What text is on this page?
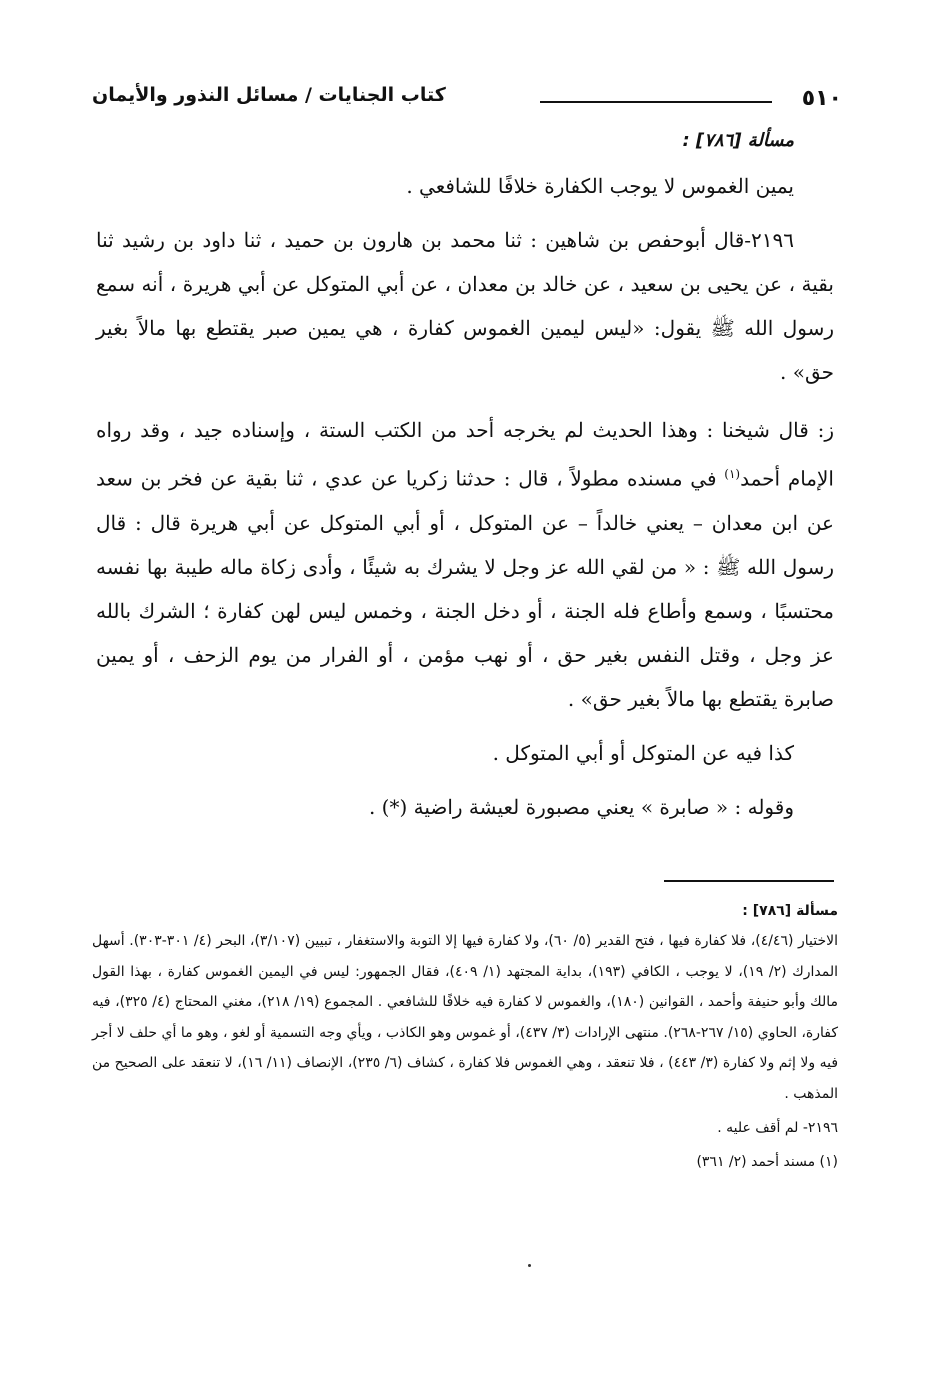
٥١٠
كتاب الجنايات / مسائل النذور والأيمان
مسألة [٧٨٦] :

يمين الغموس لا يوجب الكفارة خلافًا للشافعي .

٢١٩٦-قال أبوحفص بن شاهين : ثنا محمد بن هارون بن حميد ، ثنا داود بن رشيد ثنا بقية ، عن يحيى بن سعيد ، عن خالد بن معدان ، عن أبي المتوكل عن أبي هريرة ، أنه سمع رسول الله ﷺ يقول: «ليس ليمين الغموس كفارة ، هي يمين صبر يقتطع بها مالاً بغير حق» .

ز: قال شيخنا : وهذا الحديث لم يخرجه أحد من الكتب الستة ، وإسناده جيد ، وقد رواه الإمام أحمد$^{(١)}$ في مسنده مطولاً ، قال : حدثنا زكريا عن عدي ، ثنا بقية عن فخر بن سعد عن ابن معدان – يعني خالداً – عن المتوكل ، أو أبي المتوكل عن أبي هريرة قال : قال رسول الله ﷺ : « من لقي الله عز وجل لا يشرك به شيئًا ، وأدى زكاة ماله طيبة بها نفسه محتسبًا ، وسمع وأطاع فله الجنة ، أو دخل الجنة ، وخمس ليس لهن كفارة ؛ الشرك بالله عز وجل ، وقتل النفس بغير حق ، أو نهب مؤمن ، أو الفرار من يوم الزحف ، أو يمين صابرة يقتطع بها مالاً بغير حق» .

كذا فيه عن المتوكل أو أبي المتوكل .

وقوله : « صابرة » يعني مصبورة لعيشة راضية (*) .

مسألة [٧٨٦] :

الاختيار (٤/٤٦)، فلا كفارة فيها ، فتح القدير (٥/ ٦٠)، ولا كفارة فيها إلا التوبة والاستغفار ، تبيين (٣/١٠٧)، البحر (٤/ ٣٠١-٣٠٣). أسهل المدارك (٢/ ١٩)، لا يوجب ، الكافي (١٩٣)، بداية المجتهد (١/ ٤٠٩)، فقال الجمهور: ليس في اليمين الغموس كفارة ، بهذا القول مالك وأبو حنيفة وأحمد ، القوانين (١٨٠)، والغموس لا كفارة فيه خلافًا للشافعي . المجموع (١٩/ ٢١٨)، مغني المحتاج (٤/ ٣٢٥)، فيه كفارة، الحاوي (١٥/ ٢٦٧-٢٦٨). منتهى الإرادات (٣/ ٤٣٧)، أو غموس وهو الكاذب ، ويأي وجه التسمية أو لغو ، وهو ما أي حلف لا أجر فيه ولا إثم ولا كفارة (٣/ ٤٤٣) ، فلا تنعقد ، وهي الغموس فلا كفارة ، كشاف (٦/ ٢٣٥)، الإنصاف (١١/ ١٦)، لا تنعقد على الصحيح من المذهب .

٢١٩٦- لم أقف عليه .
(١) مسند أحمد (٢/ ٣٦١)
